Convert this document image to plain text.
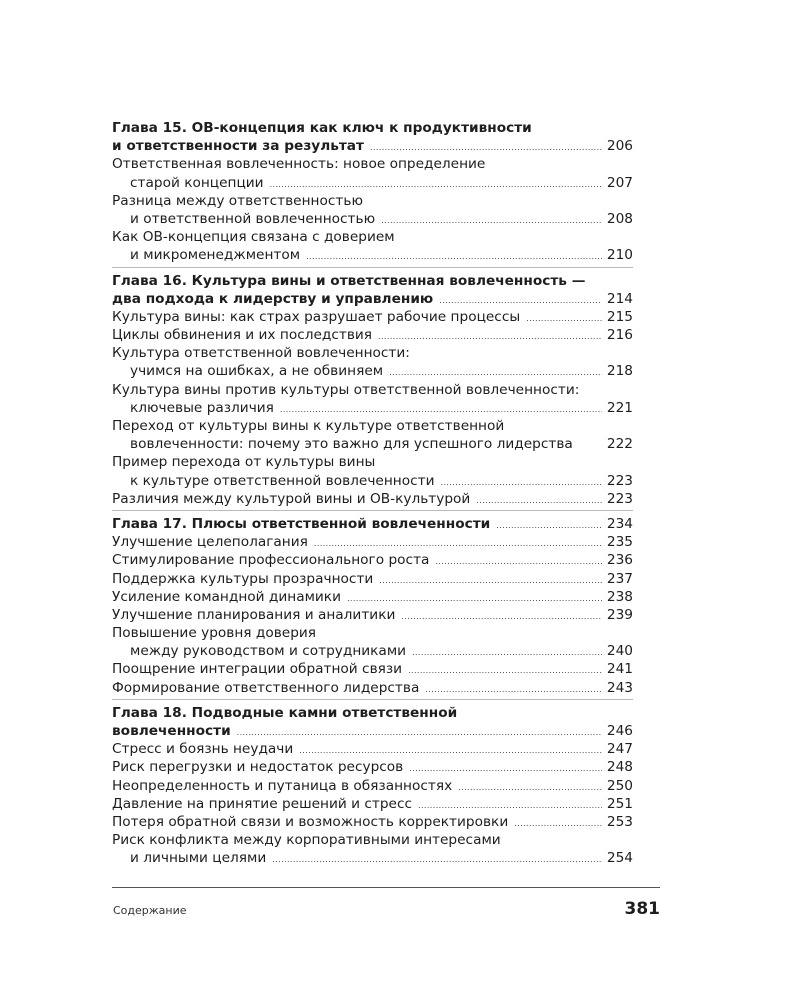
Глава 15. ОВ-концепция как ключ к продуктивности
и ответственности за результат .....	206
Ответственная вовлеченность: новое определение
старой концепции .....	207
Разница между ответственностью
и ответственной вовлеченностью .....	208
Как ОВ-концепция связана с доверием
и микроменеджментом .....	210
Глава 16. Культура вины и ответственная вовлеченность —
два подхода к лидерству и управлению .....	214
Культура вины: как страх разрушает рабочие процессы .....	215
Циклы обвинения и их последствия .....	216
Культура ответственной вовлеченности:
учимся на ошибках, а не обвиняем .....	218
Культура вины против культуры ответственной вовлеченности:
ключевые различия .....	221
Переход от культуры вины к культуре ответственной
вовлеченности: почему это важно для успешного лидерства 222
Пример перехода от культуры вины
к культуре ответственной вовлеченности .....	223
Различия между культурой вины и ОВ-культурой .....	223
Глава 17. Плюсы ответственной вовлеченности .....	234
Улучшение целеполагания .....	235
Стимулирование профессионального роста .....	236
Поддержка культуры прозрачности .....	237
Усиление командной динамики .....	238
Улучшение планирования и аналитики .....	239
Повышение уровня доверия
между руководством и сотрудниками .....	240
Поощрение интеграции обратной связи .....	241
Формирование ответственного лидерства .....	243
Глава 18. Подводные камни ответственной
вовлеченности .....	246
Стресс и боязнь неудачи .....	247
Риск перегрузки и недостаток ресурсов .....	248
Неопределенность и путаница в обязанностях .....	250
Давление на принятие решений и стресс .....	251
Потеря обратной связи и возможность корректировки .....	253
Риск конфликта между корпоративными интересами
и личными целями .....	254
Содержание	381
